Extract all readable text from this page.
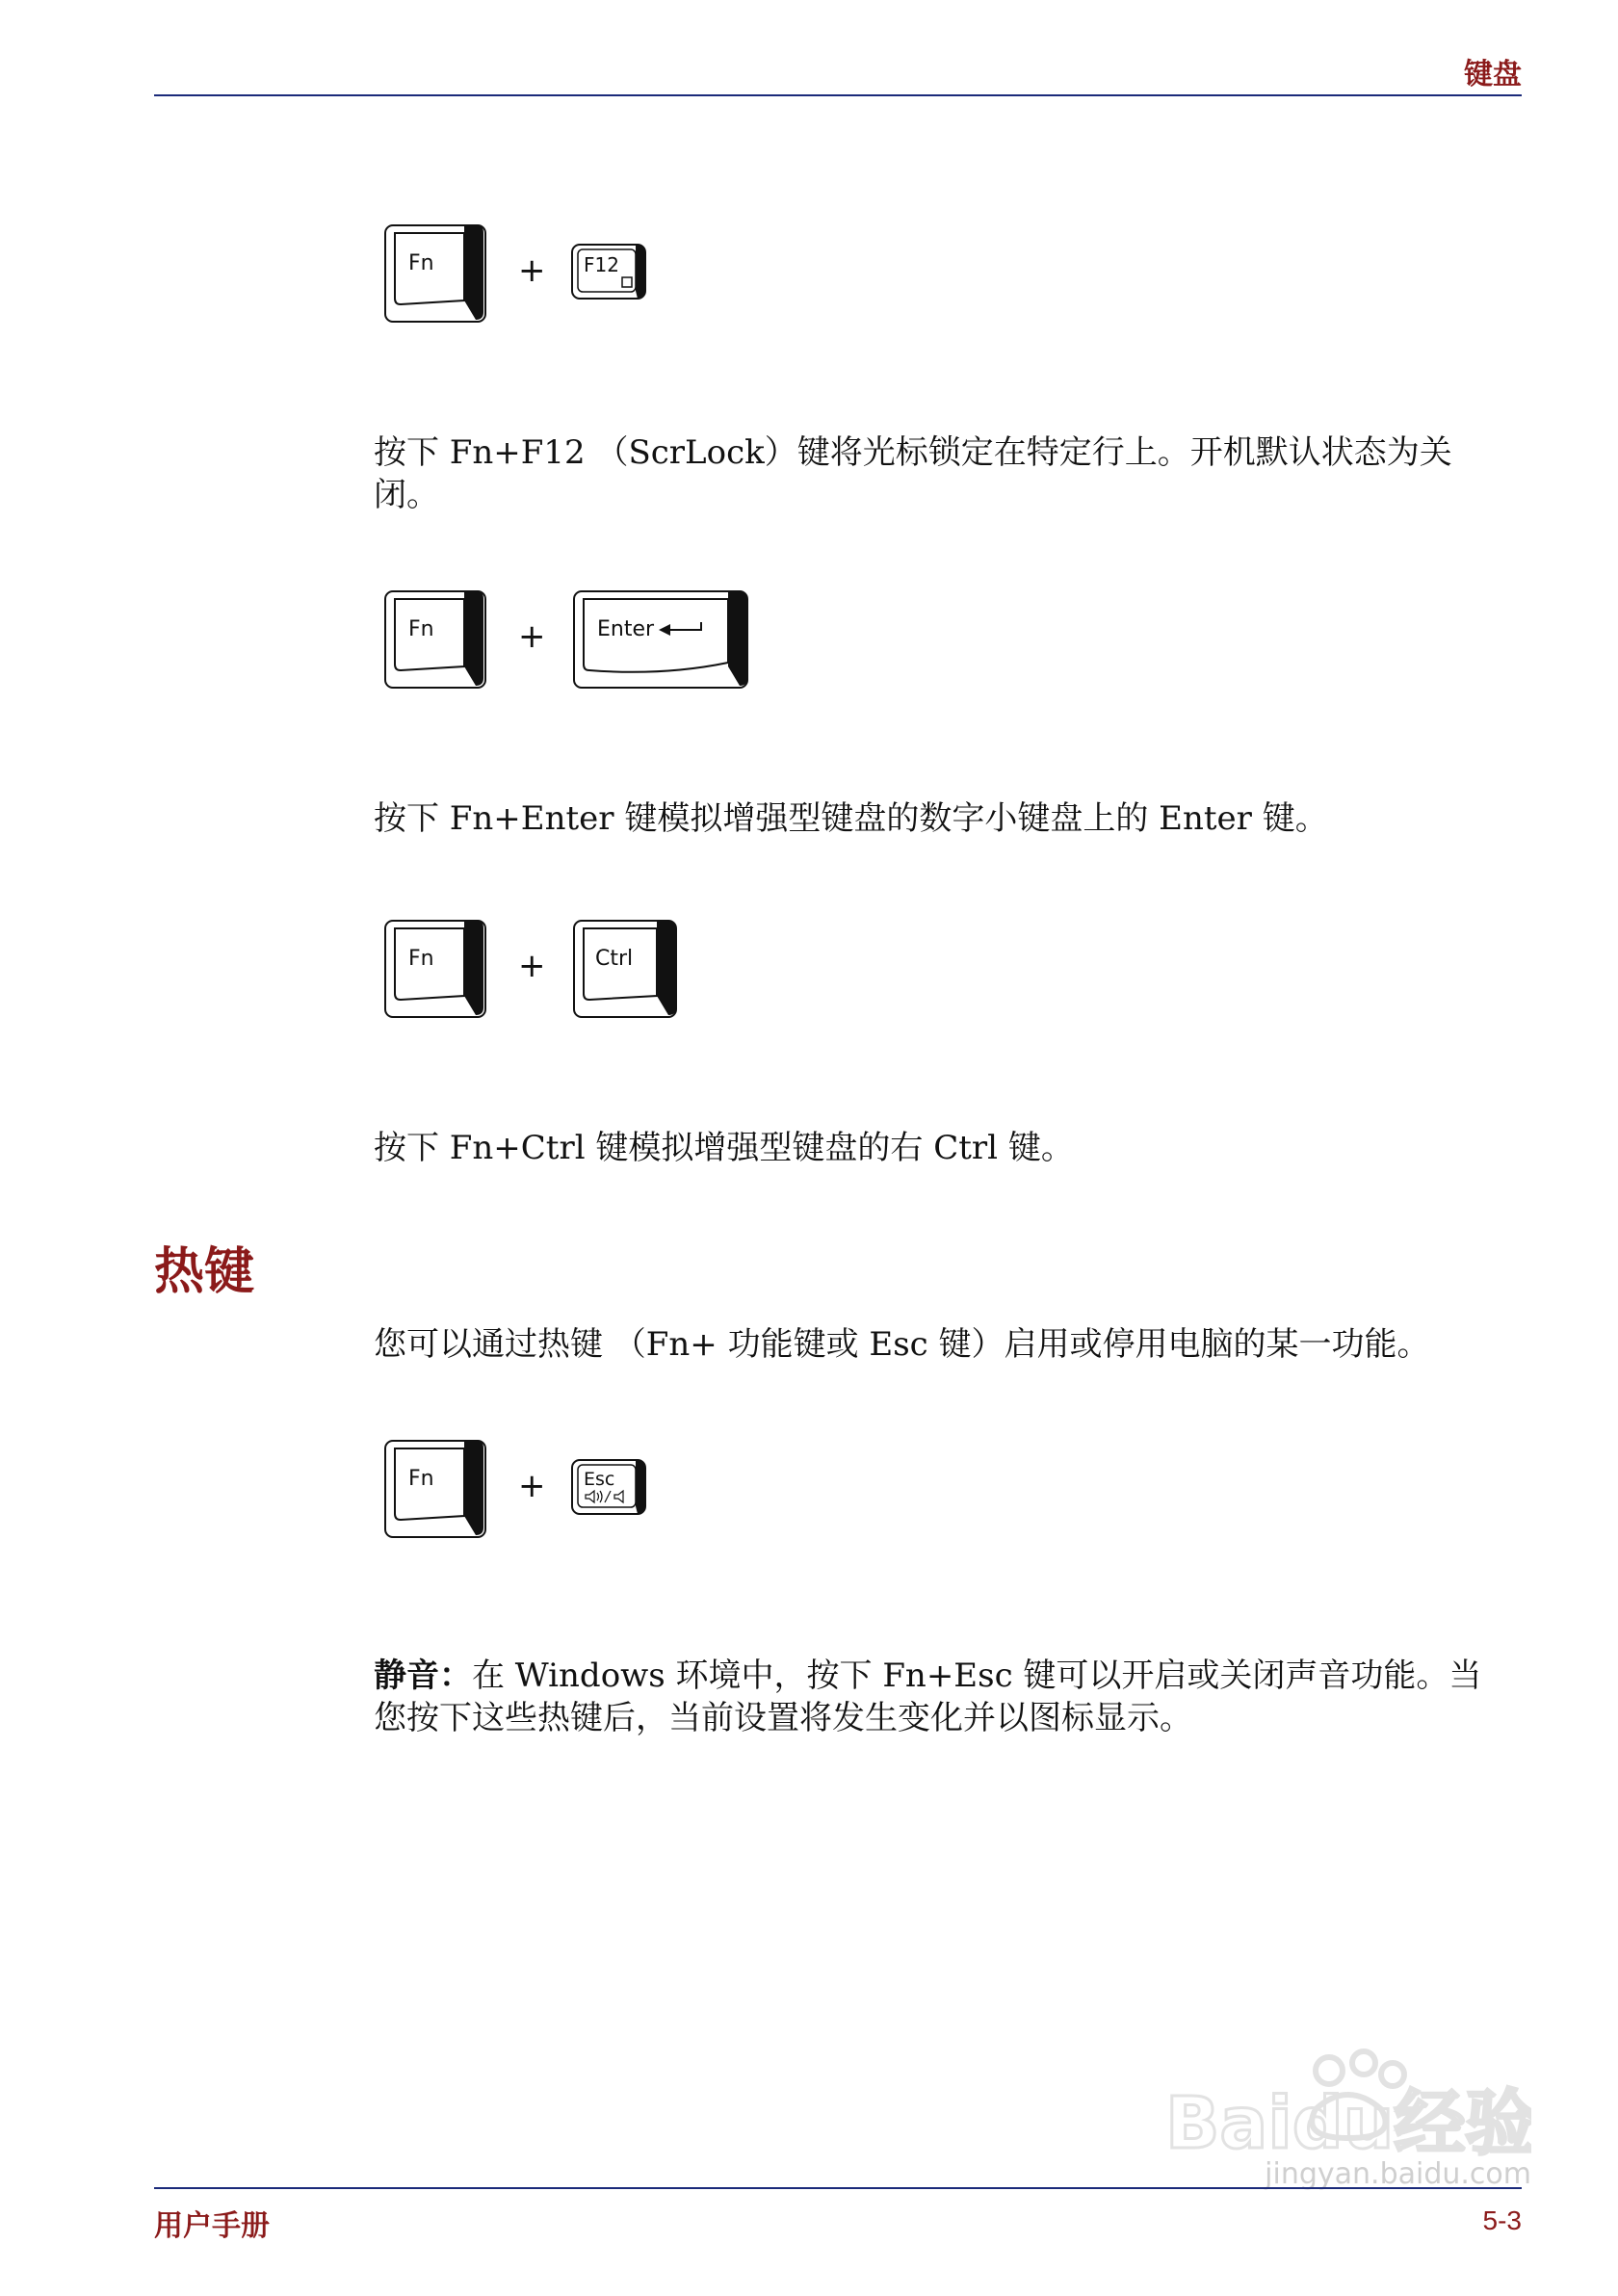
键盘
Fn	+ F12
按下 Fn+F12 （ScrLock）键将光标锁定在特定行上。开机默认状态为关
闭。
Fn	+ Enter
按下 Fn+Enter 键模拟增强型键盘的数字小键盘上的 Enter 键。
Fn	+ Ctrl
按下 Fn+Ctrl 键模拟增强型键盘的右 Ctrl 键。
热键
您可以通过热键 （Fn+ 功能键或 Esc 键）启用或停用电脑的某一功能。
Fn	+ Esc
静音：在 Windows 环境中，按下 Fn+Esc 键可以开启或关闭声音功能。当
您按下这些热键后，当前设置将发生变化并以图标显示。
Baidu经验
jingyan.baidu.com
用户手册	5-3
